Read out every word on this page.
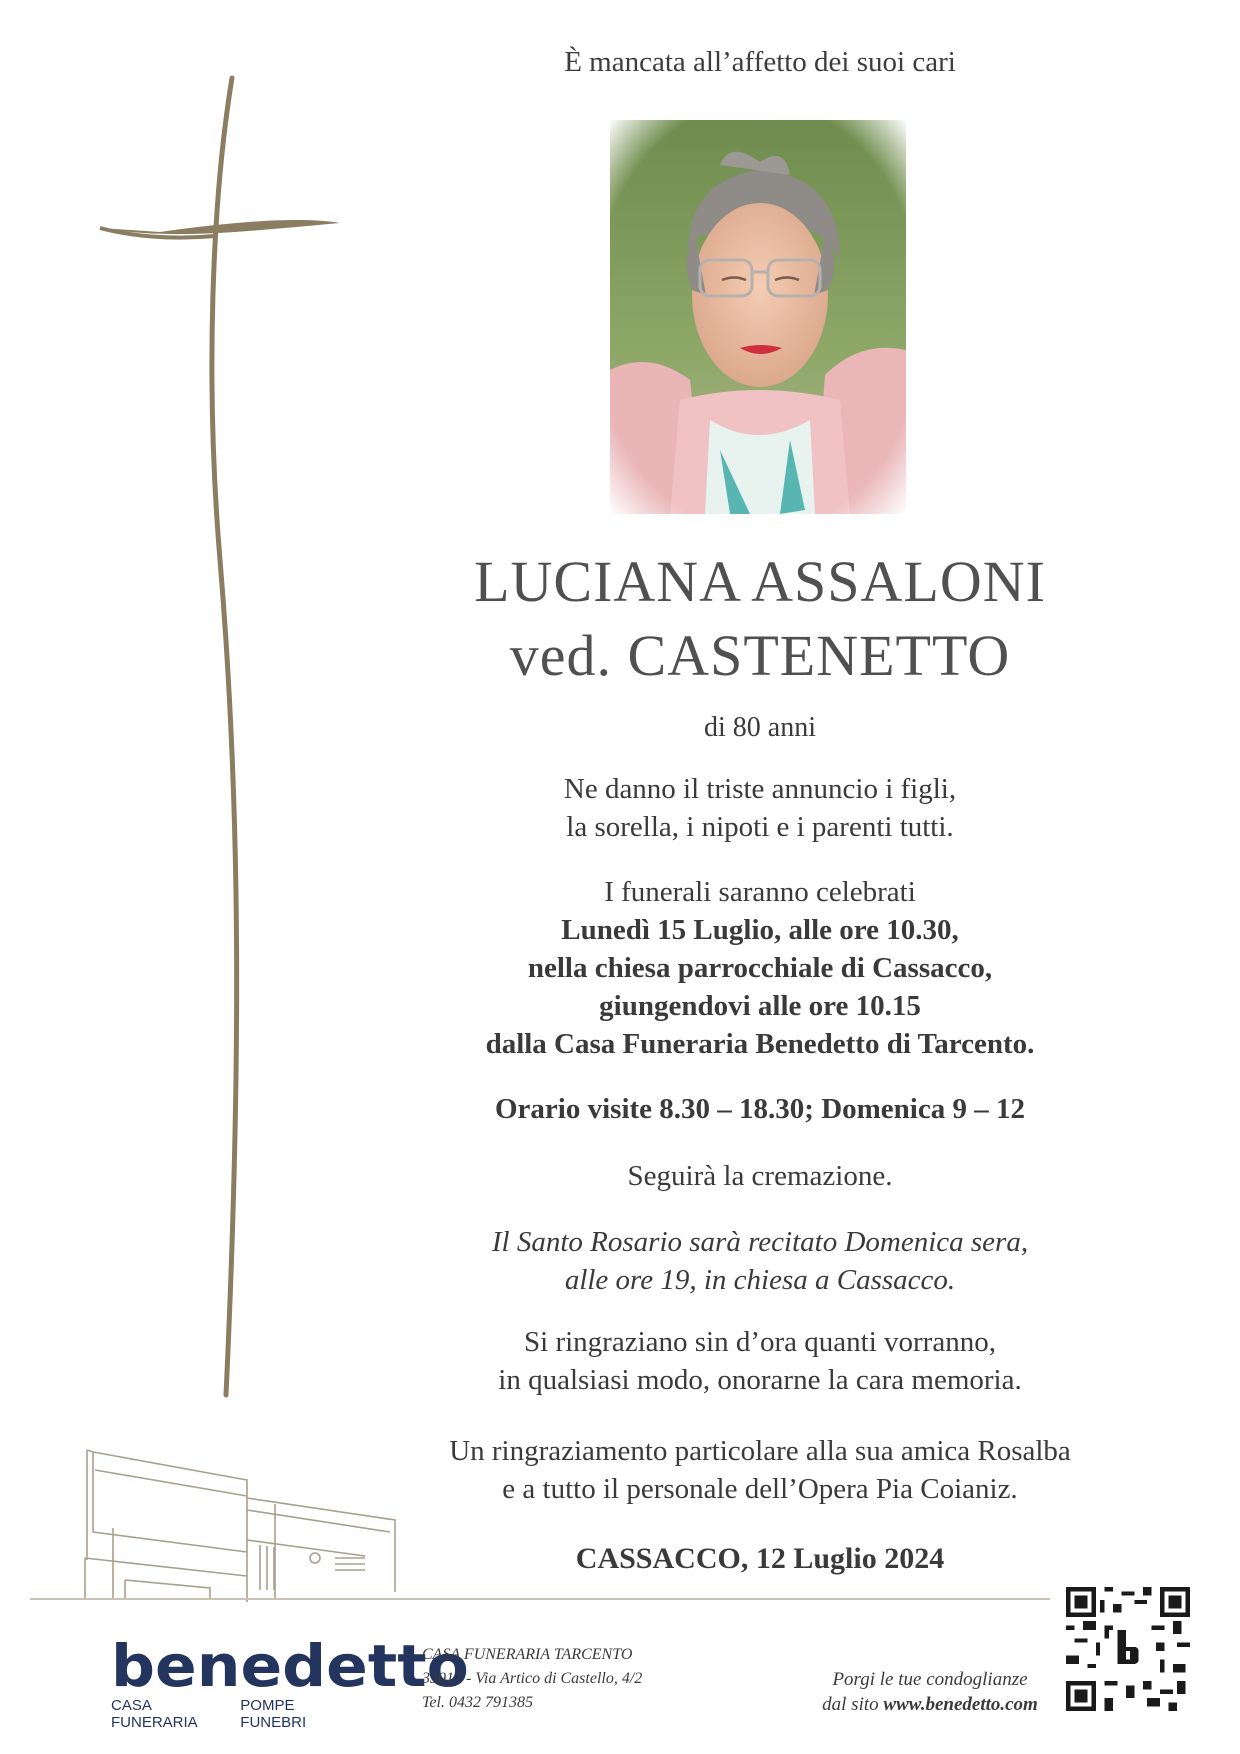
È mancata all’affetto dei suoi cari
LUCIANA ASSALONI
ved. CASTENETTO
di 80 anni
Ne danno il triste annuncio i figli,
la sorella, i nipoti e i parenti tutti.
I funerali saranno celebrati
Lunedì 15 Luglio, alle ore 10.30,
nella chiesa parrocchiale di Cassacco,
giungendovi alle ore 10.15
dalla Casa Funeraria Benedetto di Tarcento.
Orario visite 8.30 – 18.30; Domenica 9 – 12
Seguirà la cremazione.
Il Santo Rosario sarà recitato Domenica sera,
alle ore 19, in chiesa a Cassacco.
Si ringraziano sin d’ora quanti vorranno,
in qualsiasi modo, onorarne la cara memoria.
Un ringraziamento particolare alla sua amica Rosalba
e a tutto il personale dell’Opera Pia Coianiz.
CASSACCO, 12 Luglio 2024
benedetto
CASA FUNERARIA
POMPE FUNEBRI
CASA FUNERARIA TARCENTO
33017 - Via Artico di Castello, 4/2
Tel. 0432 791385
Porgi le tue condoglianze
dal sito www.benedetto.com
